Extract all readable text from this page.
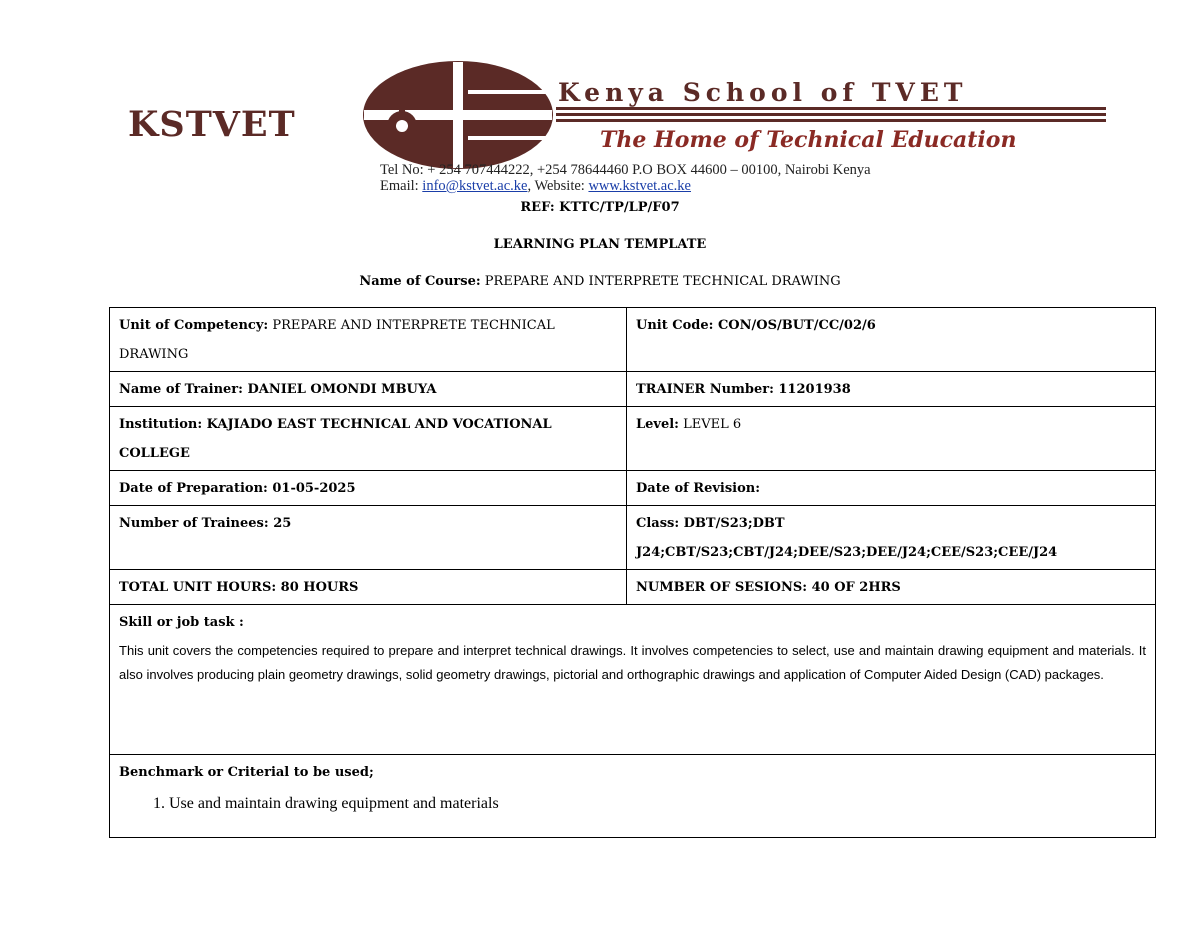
KSTVET
Kenya School of TVET
The Home of Technical Education
Tel No: + 254 707444222, +254 78644460 P.O BOX 44600 – 00100, Nairobi Kenya
Email: info@kstvet.ac.ke, Website: www.kstvet.ac.ke
REF: KTTC/TP/LP/F07
LEARNING PLAN TEMPLATE
Name of Course: PREPARE AND INTERPRETE TECHNICAL DRAWING
Unit of Competency: PREPARE AND INTERPRETE TECHNICAL DRAWING	Unit Code: CON/OS/BUT/CC/02/6
Name of Trainer: DANIEL OMONDI MBUYA	TRAINER Number: 11201938
Institution: KAJIADO EAST TECHNICAL AND VOCATIONAL COLLEGE	Level: LEVEL 6
Date of Preparation: 01-05-2025	Date of Revision:
Number of Trainees: 25	Class: DBT/S23;DBT
J24;CBT/S23;CBT/J24;DEE/S23;DEE/J24;CEE/S23;CEE/J24

TOTAL UNIT HOURS: 80 HOURS	NUMBER OF SESIONS: 40 OF 2HRS

Skill or job task :
This unit covers the competencies required to prepare and interpret technical drawings. It involves competencies to select, use and maintain drawing equipment and materials. It also involves producing plain geometry drawings, solid geometry drawings, pictorial and orthographic drawings and application of Computer Aided Design (CAD) packages.	

Benchmark or Criterial to be used;
1. Use and maintain drawing equipment and materials	
